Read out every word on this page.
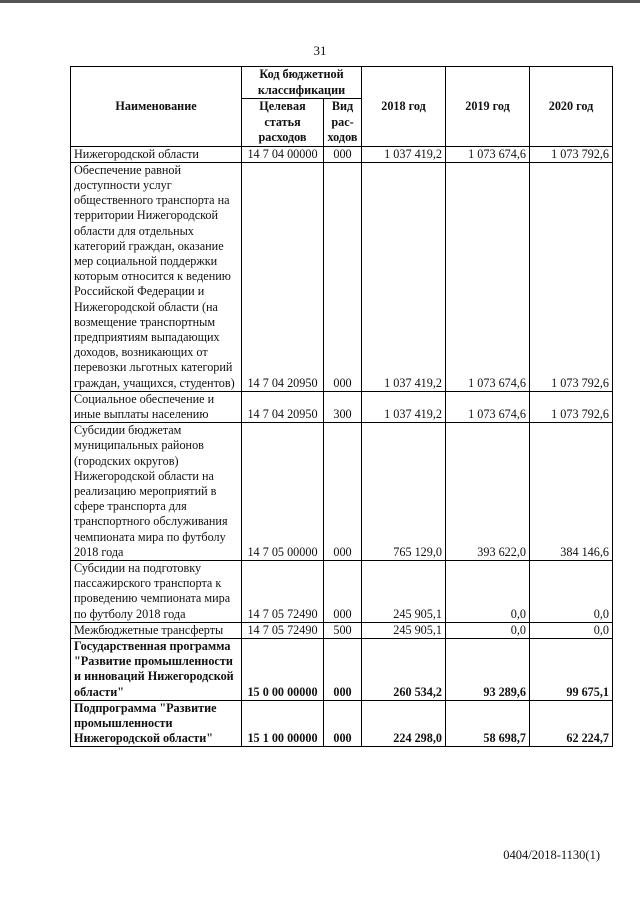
31
Наименование	Код бюджетной классификации		2018 год	2019 год	2020 год
	Целевая статья расходов	Вид рас-ходов			
Нижегородской области	14 7 04 00000	000	1 037 419,2	1 073 674,6	1 073 792,6
Обеспечение равной доступности услуг общественного транспорта на территории Нижегородской области для отдельных категорий граждан, оказание мер социальной поддержки которым относится к ведению Российской Федерации и Нижегородской области (на возмещение транспортным предприятиям выпадающих доходов, возникающих от перевозки льготных категорий граждан, учащихся, студентов)	14 7 04 20950	000	1 037 419,2	1 073 674,6	1 073 792,6
Социальное обеспечение и иные выплаты населению	14 7 04 20950	300	1 037 419,2	1 073 674,6	1 073 792,6
Субсидии бюджетам муниципальных районов (городских округов) Нижегородской области на реализацию мероприятий в сфере транспорта для транспортного обслуживания чемпионата мира по футболу 2018 года	14 7 05 00000	000	765 129,0	393 622,0	384 146,6
Субсидии на подготовку пассажирского транспорта к проведению чемпионата мира по футболу 2018 года	14 7 05 72490	000	245 905,1	0,0	0,0
Межбюджетные трансферты	14 7 05 72490	500	245 905,1	0,0	0,0
Государственная программа "Развитие промышленности и инноваций Нижегородской области"	15 0 00 00000	000	260 534,2	93 289,6	99 675,1
Подпрограмма "Развитие промышленности Нижегородской области"	15 1 00 00000	000	224 298,0	58 698,7	62 224,7
0404/2018-1130(1)
